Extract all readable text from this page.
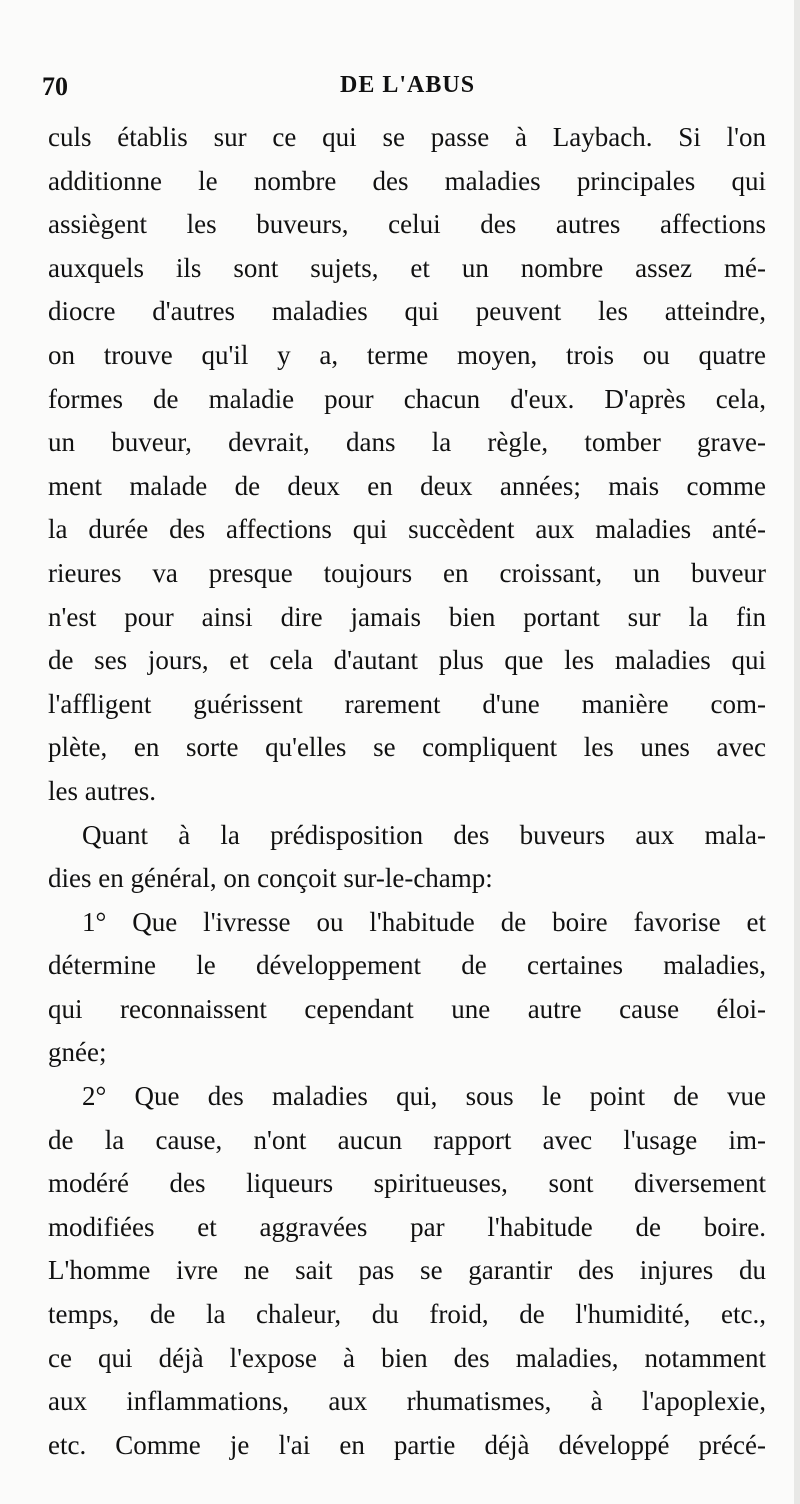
70	DE L'ABUS
culs établis sur ce qui se passe à Laybach. Si l'on
additionne le nombre des maladies principales qui
assiègent les buveurs, celui des autres affections
auxquels ils sont sujets, et un nombre assez mé-
diocre d'autres maladies qui peuvent les atteindre,
on trouve qu'il y a, terme moyen, trois ou quatre
formes de maladie pour chacun d'eux. D'après cela,
un buveur, devrait, dans la règle, tomber grave-
ment malade de deux en deux années; mais comme
la durée des affections qui succèdent aux maladies anté-
rieures va presque toujours en croissant, un buveur
n'est pour ainsi dire jamais bien portant sur la fin
de ses jours, et cela d'autant plus que les maladies qui
l'affligent guérissent rarement d'une manière com-
plète, en sorte qu'elles se compliquent les unes avec
les autres.
Quant à la prédisposition des buveurs aux mala-
dies en général, on conçoit sur-le-champ:
1° Que l'ivresse ou l'habitude de boire favorise et
détermine le développement de certaines maladies,
qui reconnaissent cependant une autre cause éloi-
gnée;
2° Que des maladies qui, sous le point de vue
de la cause, n'ont aucun rapport avec l'usage im-
modéré des liqueurs spiritueuses, sont diversement
modifiées et aggravées par l'habitude de boire.
L'homme ivre ne sait pas se garantir des injures du
temps, de la chaleur, du froid, de l'humidité, etc.,
ce qui déjà l'expose à bien des maladies, notamment
aux inflammations, aux rhumatismes, à l'apoplexie,
etc. Comme je l'ai en partie déjà développé précé-
